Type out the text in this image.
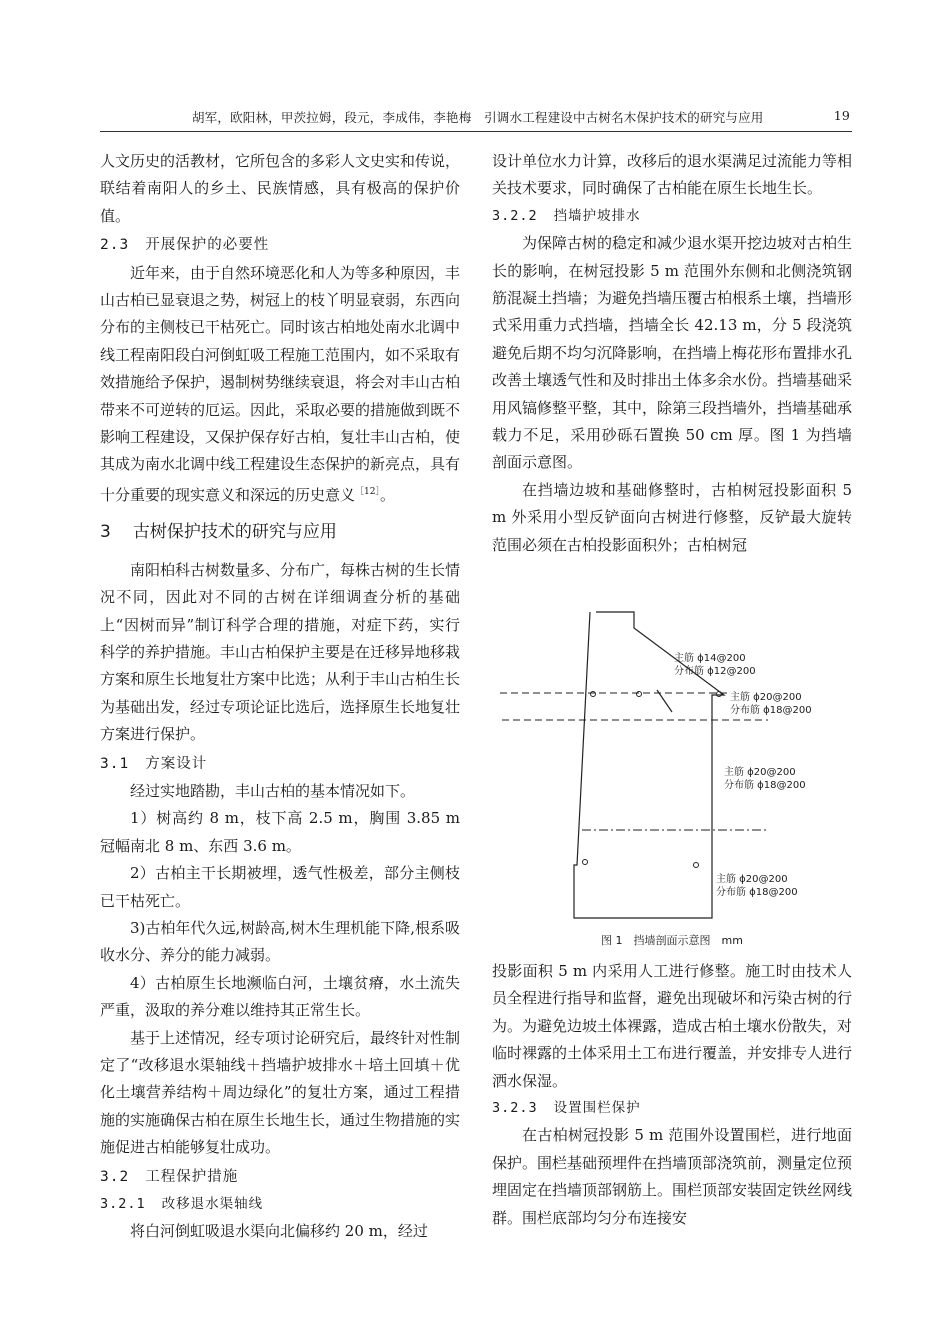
胡军，欧阳林，甲茨拉姆，段元，李成伟，李艳梅　引调水工程建设中古树名木保护技术的研究与应用	19

人文历史的活教材，它所包含的多彩人文史实和传说，联结着南阳人的乡土、民族情感，具有极高的保护价值。

2.3 开展保护的必要性

近年来，由于自然环境恶化和人为等多种原因，丰山古柏已显衰退之势，树冠上的枝丫明显衰弱，东西向分布的主侧枝已干枯死亡。同时该古柏地处南水北调中线工程南阳段白河倒虹吸工程施工范围内，如不采取有效措施给予保护，遏制树势继续衰退，将会对丰山古柏带来不可逆转的厄运。因此，采取必要的措施做到既不影响工程建设，又保护保存好古柏，复壮丰山古柏，使其成为南水北调中线工程建设生态保护的新亮点，具有十分重要的现实意义和深远的历史意义$^{[12]}$。

3 古树保护技术的研究与应用

南阳柏科古树数量多、分布广，每株古树的生长情况不同，因此对不同的古树在详细调查分析的基础上“因树而异”制订科学合理的措施，对症下药，实行科学的养护措施。丰山古柏保护主要是在迁移异地移栽方案和原生长地复壮方案中比选；从利于丰山古柏生长为基础出发，经过专项论证比选后，选择原生长地复壮方案进行保护。

3.1 方案设计

经过实地踏勘，丰山古柏的基本情况如下。

1）树高约 8 m，枝下高 2.5 m，胸围 3.85 m 冠幅南北 8 m、东西 3.6 m。

2）古柏主干长期被埋，透气性极差，部分主侧枝已干枯死亡。

3)古柏年代久远,树龄高,树木生理机能下降,根系吸收水分、养分的能力减弱。

4）古柏原生长地濒临白河，土壤贫瘠，水土流失严重，汲取的养分难以维持其正常生长。

基于上述情况，经专项讨论研究后，最终针对性制定了“改移退水渠轴线＋挡墙护坡排水＋培土回填＋优化土壤营养结构＋周边绿化”的复壮方案，通过工程措施的实施确保古柏在原生长地生长，通过生物措施的实施促进古柏能够复壮成功。

3.2 工程保护措施

3.2.1 改移退水渠轴线

将白河倒虹吸退水渠向北偏移约 20 m，经过

设计单位水力计算，改移后的退水渠满足过流能力等相关技术要求，同时确保了古柏能在原生长地生长。

3.2.2 挡墙护坡排水

为保障古树的稳定和减少退水渠开挖边坡对古柏生长的影响，在树冠投影 5 m 范围外东侧和北侧浇筑钢筋混凝土挡墙；为避免挡墙压覆古柏根系土壤，挡墙形式采用重力式挡墙，挡墙全长 42.13 m，分 5 段浇筑避免后期不均匀沉降影响，在挡墙上梅花形布置排水孔改善土壤透气性和及时排出土体多余水份。挡墙基础采用风镐修整平整，其中，除第三段挡墙外，挡墙基础承载力不足，采用砂砾石置换 50 cm 厚。图 1 为挡墙剖面示意图。

在挡墙边坡和基础修整时，古柏树冠投影面积 5 m 外采用小型反铲面向古树进行修整，反铲最大旋转范围必须在古柏投影面积外；古柏树冠

主筋 ϕ14@200
分布筋 ϕ12@200
主筋 ϕ20@200
分布筋 ϕ18@200
主筋 ϕ20@200
分布筋 ϕ18@200
主筋 ϕ20@200
分布筋 ϕ18@200
图 1　挡墙剖面示意图　mm

投影面积 5 m 内采用人工进行修整。施工时由技术人员全程进行指导和监督，避免出现破坏和污染古树的行为。为避免边坡土体裸露，造成古柏土壤水份散失，对临时裸露的土体采用土工布进行覆盖，并安排专人进行洒水保湿。

3.2.3 设置围栏保护

在古柏树冠投影 5 m 范围外设置围栏，进行地面保护。围栏基础预埋件在挡墙顶部浇筑前，测量定位预埋固定在挡墙顶部钢筋上。围栏顶部安装固定铁丝网线群。围栏底部均匀分布连接安
